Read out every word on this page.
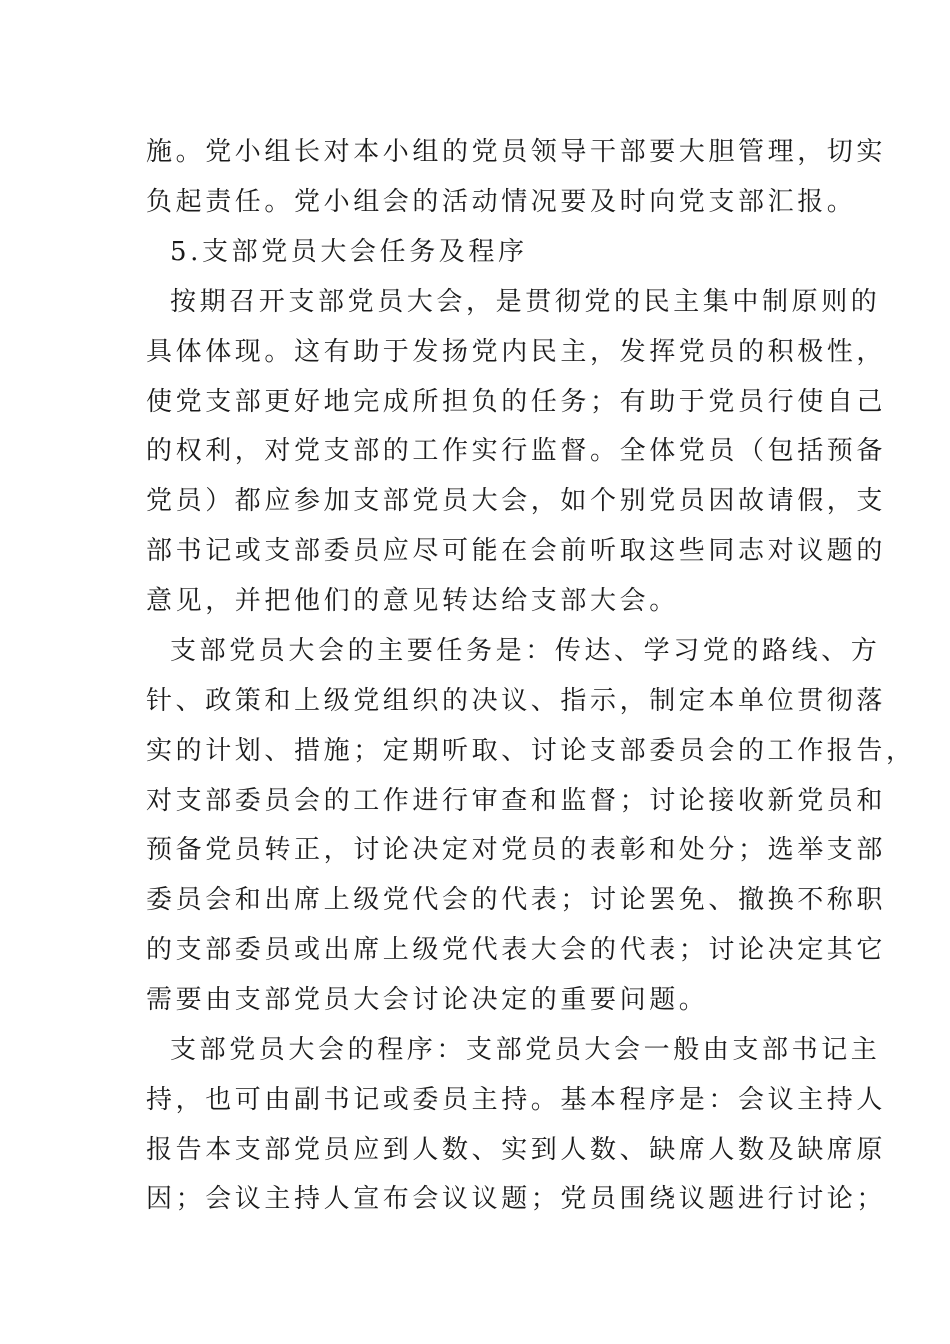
施。党小组长对本小组的党员领导干部要大胆管理，切实
负起责任。党小组会的活动情况要及时向党支部汇报。
5.支部党员大会任务及程序
按期召开支部党员大会，是贯彻党的民主集中制原则的
具体体现。这有助于发扬党内民主，发挥党员的积极性，
使党支部更好地完成所担负的任务；有助于党员行使自己
的权利，对党支部的工作实行监督。全体党员（包括预备
党员）都应参加支部党员大会，如个别党员因故请假，支
部书记或支部委员应尽可能在会前听取这些同志对议题的
意见，并把他们的意见转达给支部大会。
支部党员大会的主要任务是：传达、学习党的路线、方
针、政策和上级党组织的决议、指示，制定本单位贯彻落
实的计划、措施；定期听取、讨论支部委员会的工作报告，
对支部委员会的工作进行审查和监督；讨论接收新党员和
预备党员转正，讨论决定对党员的表彰和处分；选举支部
委员会和出席上级党代会的代表；讨论罢免、撤换不称职
的支部委员或出席上级党代表大会的代表；讨论决定其它
需要由支部党员大会讨论决定的重要问题。
支部党员大会的程序：支部党员大会一般由支部书记主
持，也可由副书记或委员主持。基本程序是：会议主持人
报告本支部党员应到人数、实到人数、缺席人数及缺席原
因；会议主持人宣布会议议题；党员围绕议题进行讨论；
